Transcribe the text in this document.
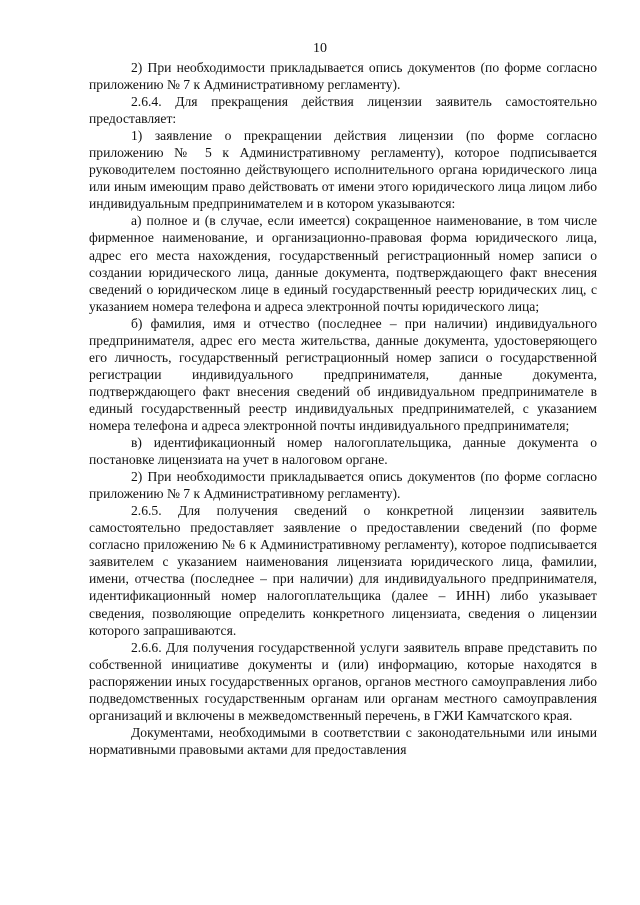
10

2) При необходимости прикладывается опись документов (по форме согласно приложению № 7 к Административному регламенту).

2.6.4. Для прекращения действия лицензии заявитель самостоятельно предоставляет:

1) заявление о прекращении действия лицензии (по форме согласно приложению № 5 к Административному регламенту), которое подписывается руководителем постоянно действующего исполнительного органа юридического лица или иным имеющим право действовать от имени этого юридического лица лицом либо индивидуальным предпринимателем и в котором указываются:

а) полное и (в случае, если имеется) сокращенное наименование, в том числе фирменное наименование, и организационно-правовая форма юридического лица, адрес его места нахождения, государственный регистрационный номер записи о создании юридического лица, данные документа, подтверждающего факт внесения сведений о юридическом лице в единый государственный реестр юридических лиц, с указанием номера телефона и адреса электронной почты юридического лица;

б) фамилия, имя и отчество (последнее – при наличии) индивидуального предпринимателя, адрес его места жительства, данные документа, удостоверяющего его личность, государственный регистрационный номер записи о государственной регистрации индивидуального предпринимателя, данные документа, подтверждающего факт внесения сведений об индивидуальном предпринимателе в единый государственный реестр индивидуальных предпринимателей, с указанием номера телефона и адреса электронной почты индивидуального предпринимателя;

в) идентификационный номер налогоплательщика, данные документа о постановке лицензиата на учет в налоговом органе.

2) При необходимости прикладывается опись документов (по форме согласно приложению № 7 к Административному регламенту).

2.6.5. Для получения сведений о конкретной лицензии заявитель самостоятельно предоставляет заявление о предоставлении сведений (по форме согласно приложению № 6 к Административному регламенту), которое подписывается заявителем с указанием наименования лицензиата юридического лица, фамилии, имени, отчества (последнее – при наличии) для индивидуального предпринимателя, идентификационный номер налогоплательщика (далее – ИНН) либо указывает сведения, позволяющие определить конкретного лицензиата, сведения о лицензии которого запрашиваются.

2.6.6. Для получения государственной услуги заявитель вправе представить по собственной инициативе документы и (или) информацию, которые находятся в распоряжении иных государственных органов, органов местного самоуправления либо подведомственных государственным органам или органам местного самоуправления организаций и включены в межведомственный перечень, в ГЖИ Камчатского края.

Документами, необходимыми в соответствии с законодательными или иными нормативными правовыми актами для предоставления
